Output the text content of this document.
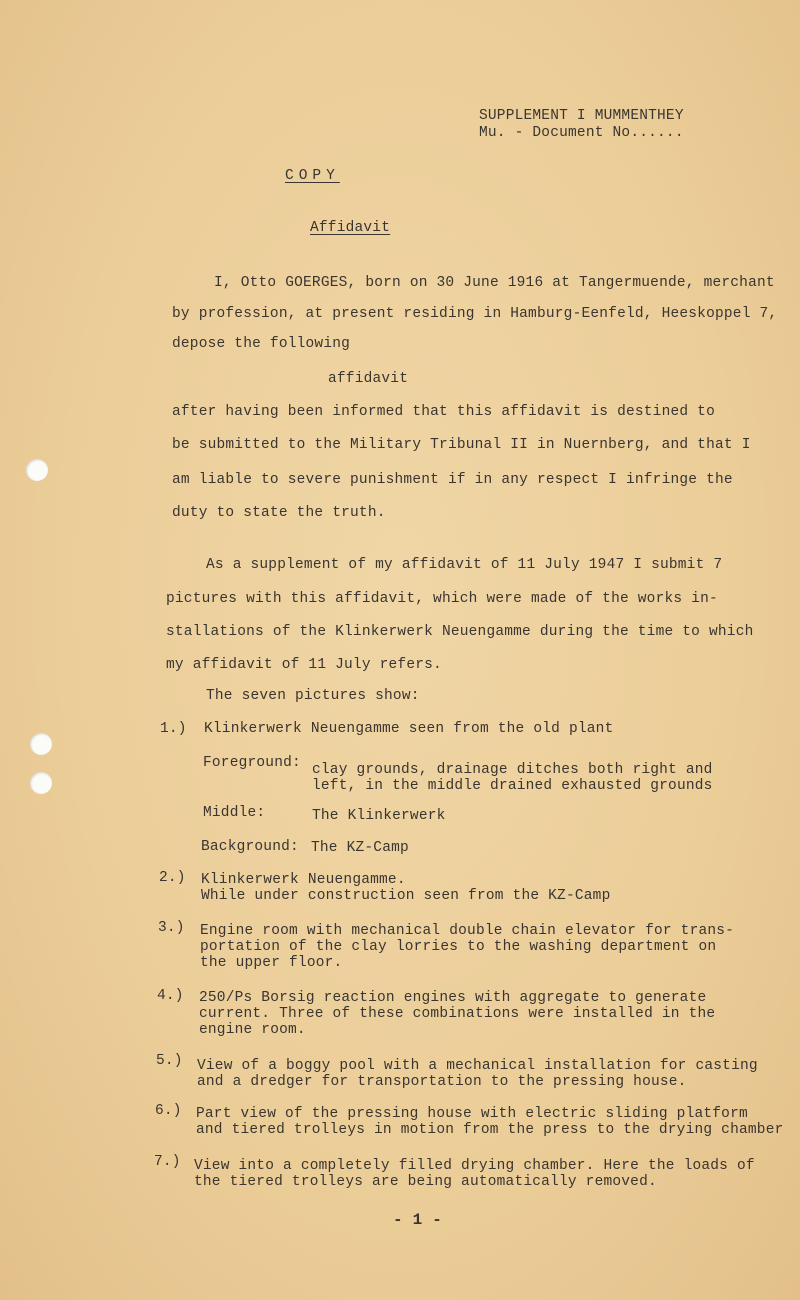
SUPPLEMENT I MUMMENTHEY
Mu. - Document No......
COPY
Affidavit
I, Otto GOERGES, born on 30 June 1916 at Tangermuende, merchant
by profession, at present residing in Hamburg-Eenfeld, Heeskoppel 7,
depose the following
affidavit
after having been informed that this affidavit is destined to
be submitted to the Military Tribunal II in Nuernberg, and that I
am liable to severe punishment if in any respect I infringe the
duty to state the truth.
As a supplement of my affidavit of 11 July 1947 I submit 7
pictures with this affidavit, which were made of the works in-
stallations of the Klinkerwerk Neuengamme during the time to which
my affidavit of 11 July refers.
The seven pictures show:
1.) Klinkerwerk Neuengamme seen from the old plant
Foreground: clay grounds, drainage ditches both right and
left, in the middle drained exhausted grounds
Middle:	The Klinkerwerk
Background: The KZ-Camp
2.) Klinkerwerk Neuengamme.
While under construction seen from the KZ-Camp
3.) Engine room with mechanical double chain elevator for trans-
portation of the clay lorries to the washing department on
the upper floor.
4.) 250/Ps Borsig reaction engines with aggregate to generate
current. Three of these combinations were installed in the
engine room.
5.) View of a boggy pool with a mechanical installation for casting
and a dredger for transportation to the pressing house.
6.) Part view of the pressing house with electric sliding platform
and tiered trolleys in motion from the press to the drying chamber
7.) View into a completely filled drying chamber. Here the loads of
the tiered trolleys are being automatically removed.
- 1 -
